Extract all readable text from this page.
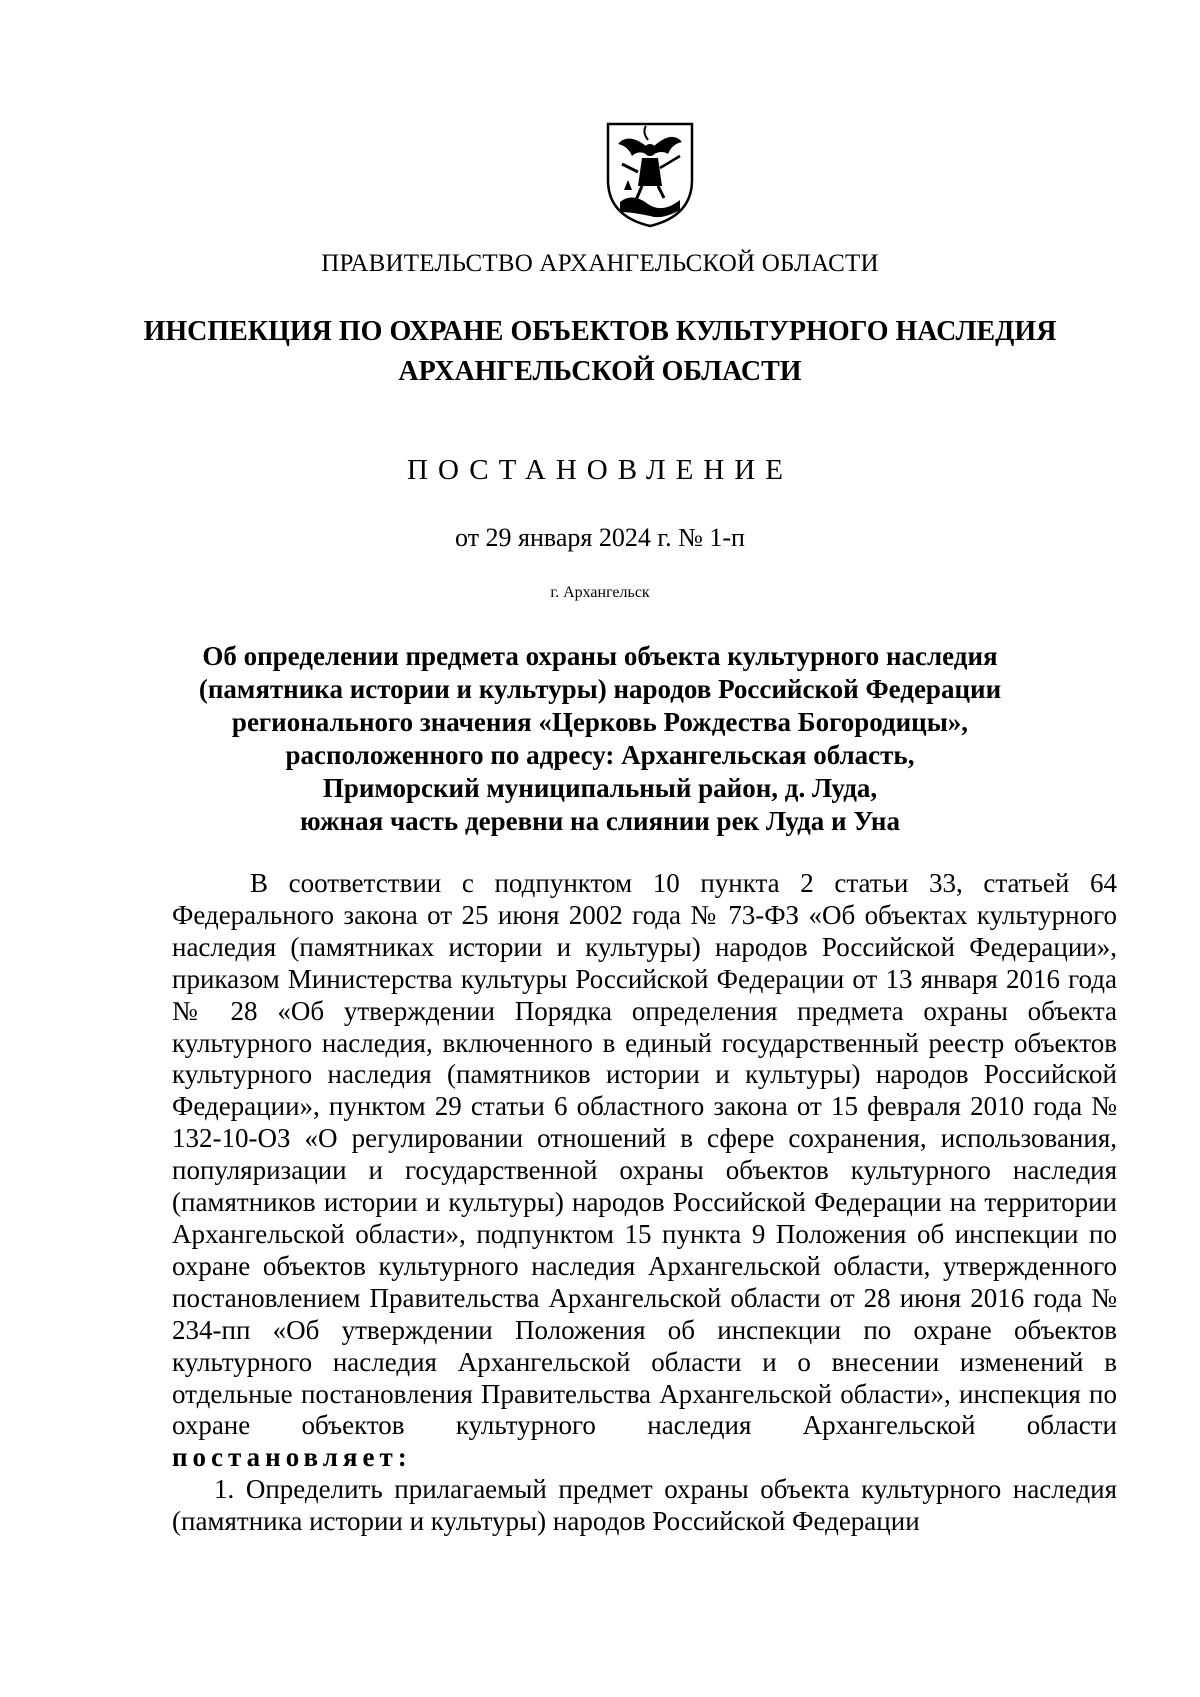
ПРАВИТЕЛЬСТВО АРХАНГЕЛЬСКОЙ ОБЛАСТИ
ИНСПЕКЦИЯ ПО ОХРАНЕ ОБЪЕКТОВ КУЛЬТУРНОГО НАСЛЕДИЯ
АРХАНГЕЛЬСКОЙ ОБЛАСТИ
ПОСТАНОВЛЕНИЕ
от 29 января 2024 г. № 1-п
г. Архангельск
Об определении предмета охраны объекта культурного наследия
(памятника истории и культуры) народов Российской Федерации
регионального значения «Церковь Рождества Богородицы»,
расположенного по адресу: Архангельская область,
Приморский муниципальный район, д. Луда,
южная часть деревни на слиянии рек Луда и Уна

В соответствии с подпунктом 10 пункта 2 статьи 33, статьей 64 Федерального закона от 25 июня 2002 года № 73-ФЗ «Об объектах культурного наследия (памятниках истории и культуры) народов Российской Федерации», приказом Министерства культуры Российской Федерации от 13 января 2016 года № 28 «Об утверждении Порядка определения предмета охраны объекта культурного наследия, включенного в единый государственный реестр объектов культурного наследия (памятников истории и культуры) народов Российской Федерации», пунктом 29 статьи 6 областного закона от 15 февраля 2010 года № 132-10-ОЗ «О регулировании отношений в сфере сохранения, использования, популяризации и государственной охраны объектов культурного наследия (памятников истории и культуры) народов Российской Федерации на территории Архангельской области», подпунктом 15 пункта 9 Положения об инспекции по охране объектов культурного наследия Архангельской области, утвержденного постановлением Правительства Архангельской области от 28 июня 2016 года № 234-пп «Об утверждении Положения об инспекции по охране объектов культурного наследия Архангельской области и о внесении изменений в отдельные постановления Правительства Архангельской области», инспекция по охране объектов культурного наследия Архангельской области постановляет:

1. Определить прилагаемый предмет охраны объекта культурного наследия (памятника истории и культуры) народов Российской Федерации
